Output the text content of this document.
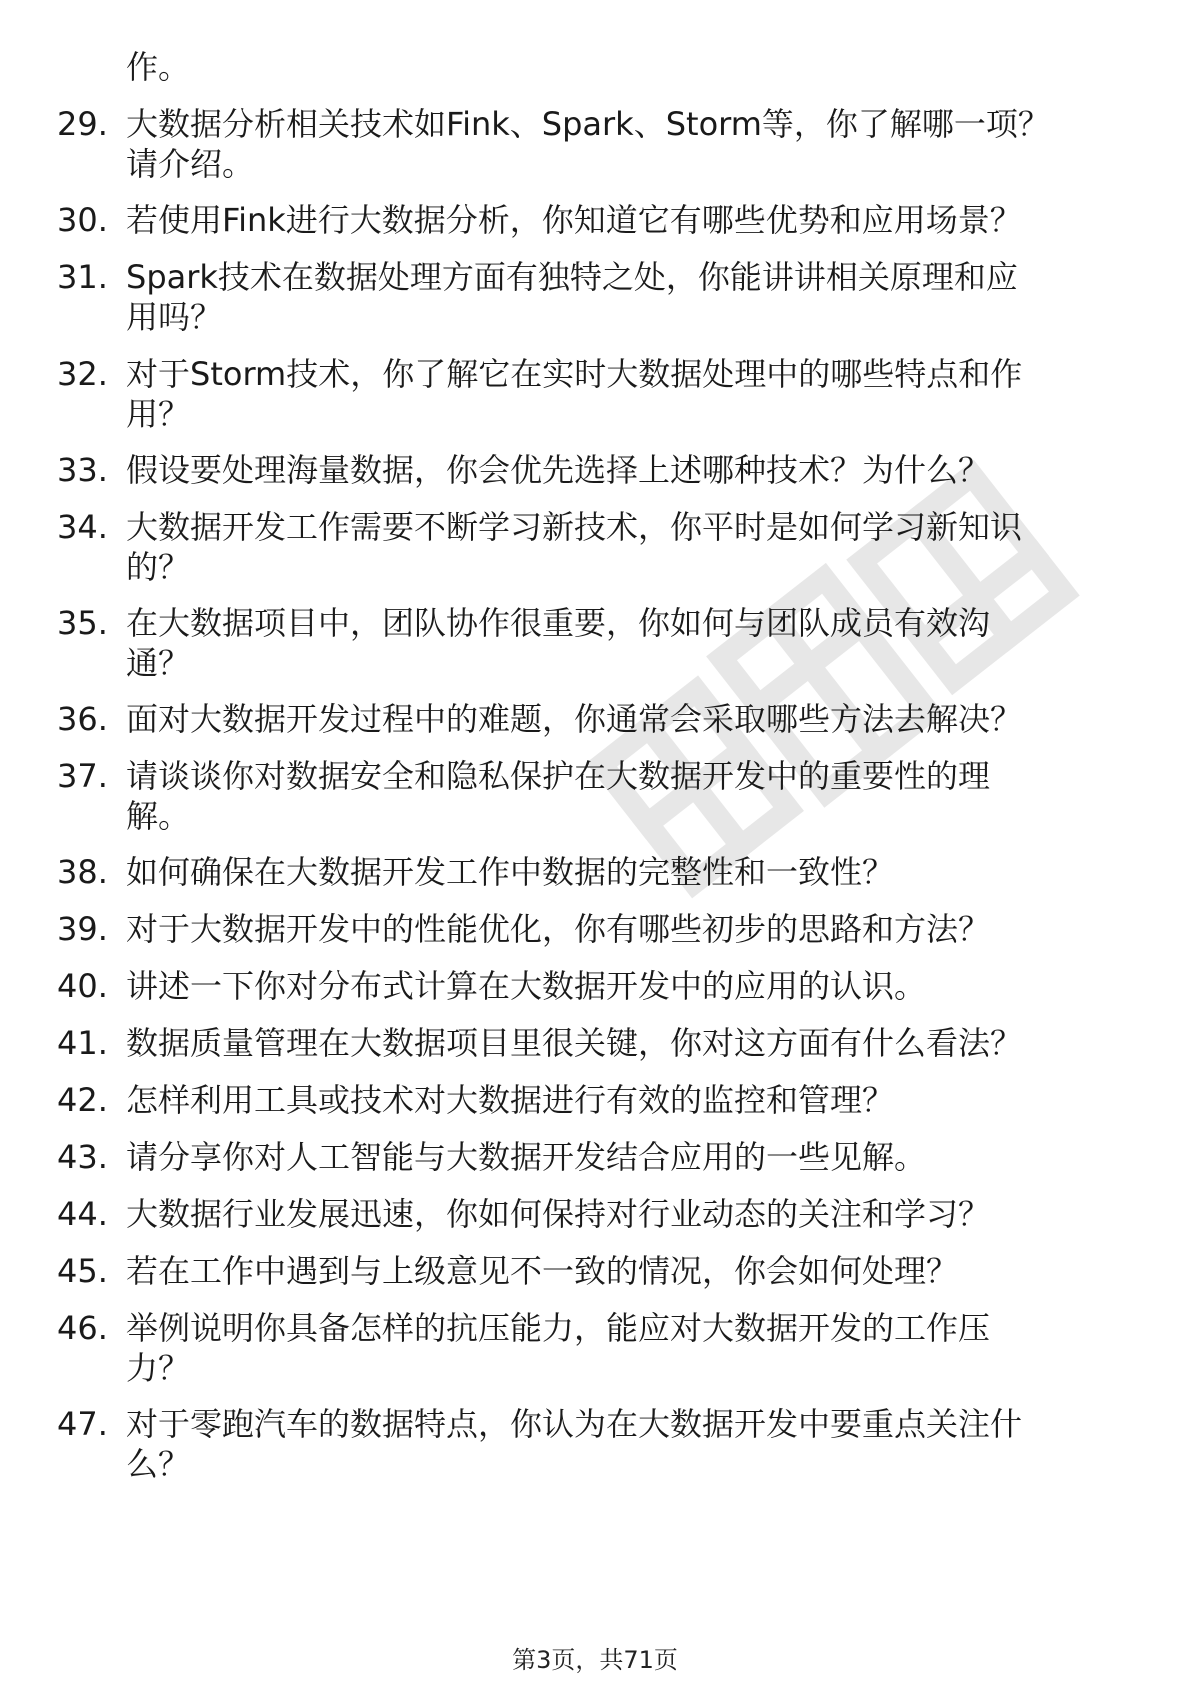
作。
29. 大数据分析相关技术如Fink、Spark、Storm等，你了解哪一项？
请介绍。
30. 若使用Fink进行大数据分析，你知道它有哪些优势和应用场景？
31. Spark技术在数据处理方面有独特之处，你能讲讲相关原理和应
用吗？
32. 对于Storm技术，你了解它在实时大数据处理中的哪些特点和作
用？
33. 假设要处理海量数据，你会优先选择上述哪种技术？为什么？
34. 大数据开发工作需要不断学习新技术，你平时是如何学习新知识
的？
35. 在大数据项目中，团队协作很重要，你如何与团队成员有效沟
通？
36. 面对大数据开发过程中的难题，你通常会采取哪些方法去解决？
37. 请谈谈你对数据安全和隐私保护在大数据开发中的重要性的理
解。
38. 如何确保在大数据开发工作中数据的完整性和一致性？
39. 对于大数据开发中的性能优化，你有哪些初步的思路和方法？
40. 讲述一下你对分布式计算在大数据开发中的应用的认识。
41. 数据质量管理在大数据项目里很关键，你对这方面有什么看法？
42. 怎样利用工具或技术对大数据进行有效的监控和管理？
43. 请分享你对人工智能与大数据开发结合应用的一些见解。
44. 大数据行业发展迅速，你如何保持对行业动态的关注和学习？
45. 若在工作中遇到与上级意见不一致的情况，你会如何处理？
46. 举例说明你具备怎样的抗压能力，能应对大数据开发的工作压
力？
47. 对于零跑汽车的数据特点，你认为在大数据开发中要重点关注什
么？
第3页，共71页
